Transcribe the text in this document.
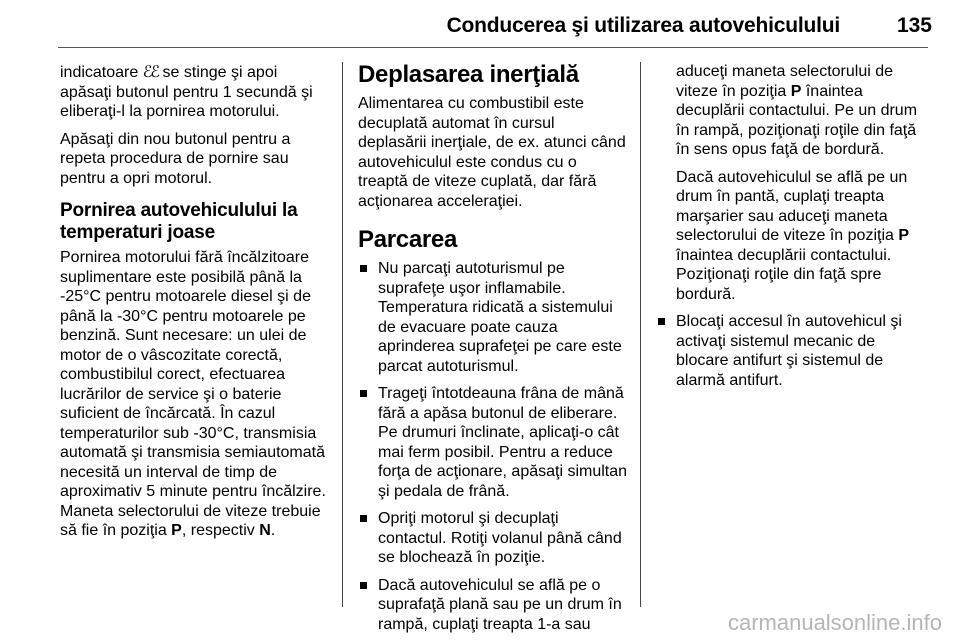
Conducerea şi utilizarea autovehiculului	135

indicatoare ℰℰ se stinge şi apoi
apăsaţi butonul pentru 1 secundă şi
eliberaţi-l la pornirea motorului.

Apăsaţi din nou butonul pentru a
repeta procedura de pornire sau
pentru a opri motorul.

Pornirea autovehiculului la
temperaturi joase

Pornirea motorului fără încălzitoare
suplimentare este posibilă până la
-25°C pentru motoarele diesel şi de
până la -30°C pentru motoarele pe
benzină. Sunt necesare: un ulei de
motor de o vâscozitate corectă,
combustibilul corect, efectuarea
lucrărilor de service şi o baterie
suficient de încărcată. În cazul
temperaturilor sub -30°C, transmisia
automată şi transmisia semiautomată
necesită un interval de timp de
aproximativ 5 minute pentru încălzire.
Maneta selectorului de viteze trebuie
să fie în poziţia P, respectiv N.

Deplasarea inerţială

Alimentarea cu combustibil este
decuplată automat în cursul
deplasării inerţiale, de ex. atunci când
autovehiculul este condus cu o
treaptă de viteze cuplată, dar fără
acţionarea acceleraţiei.

Parcarea
Nu parcaţi autoturismul pe
suprafeţe uşor inflamabile.
Temperatura ridicată a sistemului
de evacuare poate cauza
aprinderea suprafeţei pe care este
parcat autoturismul.
Trageţi întotdeauna frâna de mână
fără a apăsa butonul de eliberare.
Pe drumuri înclinate, aplicaţi-o cât
mai ferm posibil. Pentru a reduce
forţa de acţionare, apăsaţi simultan
şi pedala de frână.
Opriţi motorul şi decuplaţi
contactul. Rotiţi volanul până când
se blochează în poziţie.
Dacă autovehiculul se află pe o
suprafaţă plană sau pe un drum în
rampă, cuplaţi treapta 1-a sau
aduceţi maneta selectorului de
viteze în poziţia P înaintea
decuplării contactului. Pe un drum
în rampă, poziţionaţi roţile din faţă
în sens opus faţă de bordură.
Dacă autovehiculul se află pe un
drum în pantă, cuplaţi treapta
marşarier sau aduceţi maneta
selectorului de viteze în poziţia P
înaintea decuplării contactului.
Poziţionaţi roţile din faţă spre
bordură.
Blocaţi accesul în autovehicul şi
activaţi sistemul mecanic de
blocare antifurt şi sistemul de
alarmă antifurt.
carmanualsonline.info
